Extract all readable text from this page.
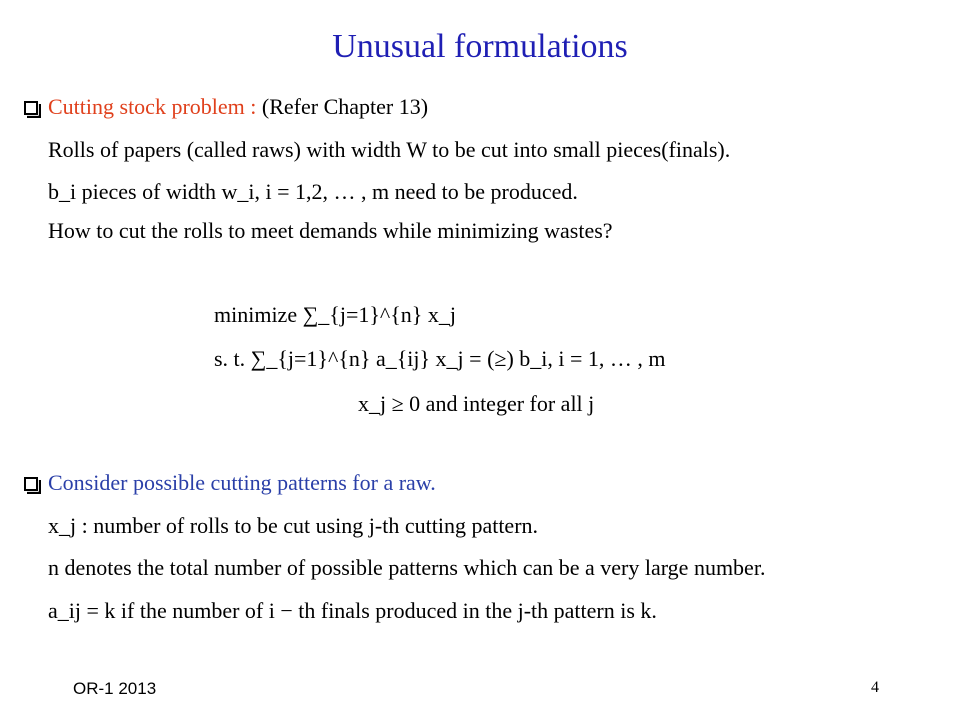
Unusual formulations
Cutting stock problem : (Refer Chapter 13)
Rolls of papers (called raws) with width W to be cut into small pieces(finals).
b_i pieces of width w_i, i = 1,2, … , m need to be produced.
How to cut the rolls to meet demands while minimizing wastes?
minimize ∑_{j=1}^{n} x_j
s. t. ∑_{j=1}^{n} a_{ij} x_j = (≥) b_i, i = 1, … , m
x_j ≥ 0 and integer for all j
Consider possible cutting patterns for a raw.
x_j : number of rolls to be cut using j-th cutting pattern.
n denotes the total number of possible patterns which can be a very large number.
a_ij = k if the number of i − th finals produced in the j-th pattern is k.
OR-1 2013	4
